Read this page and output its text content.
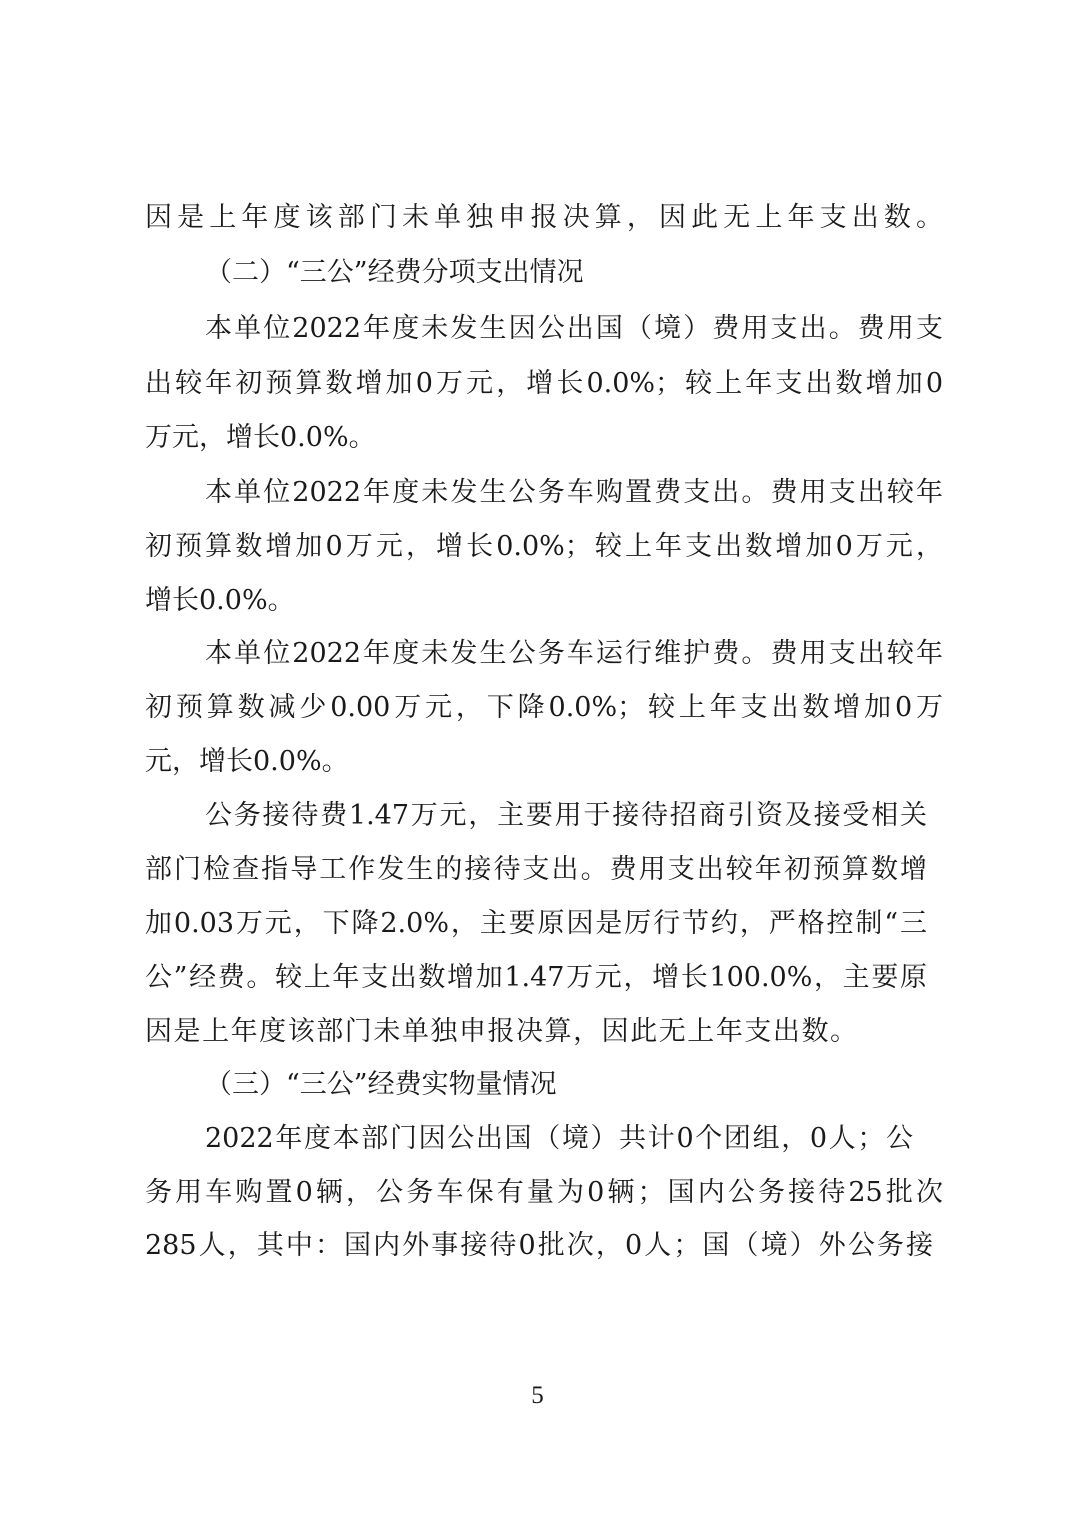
因是上年度该部门未单独申报决算，因此无上年支出数。

（二）“三公”经费分项支出情况

本单位2022年度未发生因公出国（境）费用支出。费用支

出较年初预算数增加0万元，增长0.0%；较上年支出数增加0

万元，增长0.0%。

本单位2022年度未发生公务车购置费支出。费用支出较年

初预算数增加0万元，增长0.0%；较上年支出数增加0万元，

增长0.0%。

本单位2022年度未发生公务车运行维护费。费用支出较年

初预算数减少0.00万元，下降0.0%；较上年支出数增加0万

元，增长0.0%。

公务接待费1.47万元，主要用于接待招商引资及接受相关

部门检查指导工作发生的接待支出。费用支出较年初预算数增

加0.03万元，下降2.0%，主要原因是厉行节约，严格控制“三

公”经费。较上年支出数增加1.47万元，增长100.0%，主要原

因是上年度该部门未单独申报决算，因此无上年支出数。

（三）“三公”经费实物量情况

2022年度本部门因公出国（境）共计0个团组，0人；公

务用车购置0辆，公务车保有量为0辆；国内公务接待25批次

285人，其中：国内外事接待0批次，0人；国（境）外公务接

5
